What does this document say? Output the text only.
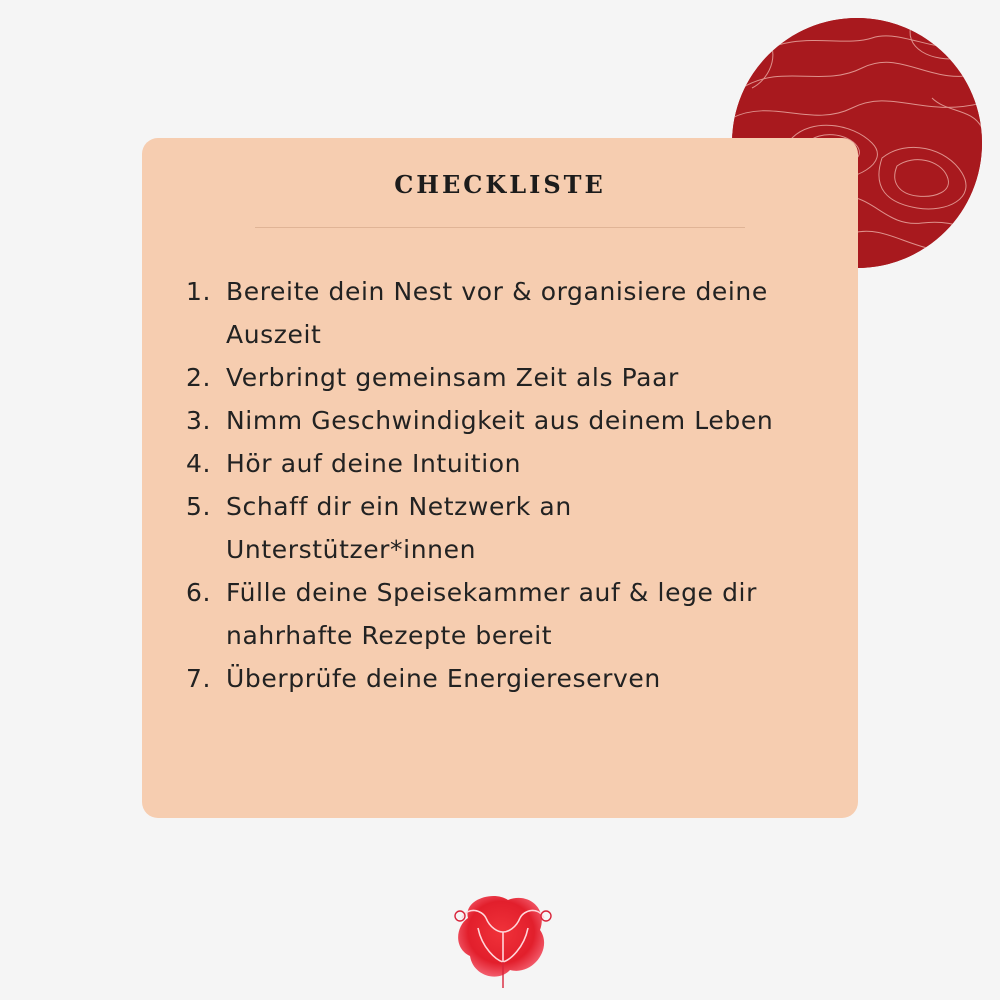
CHECKLISTE
1. Bereite dein Nest vor & organisiere deine Auszeit
2. Verbringt gemeinsam Zeit als Paar
3. Nimm Geschwindigkeit aus deinem Leben
4. Hör auf deine Intuition
5. Schaff dir ein Netzwerk an Unterstützer*innen
6. Fülle deine Speisekammer auf & lege dir nahrhafte Rezepte bereit
7. Überprüfe deine Energiereserven
